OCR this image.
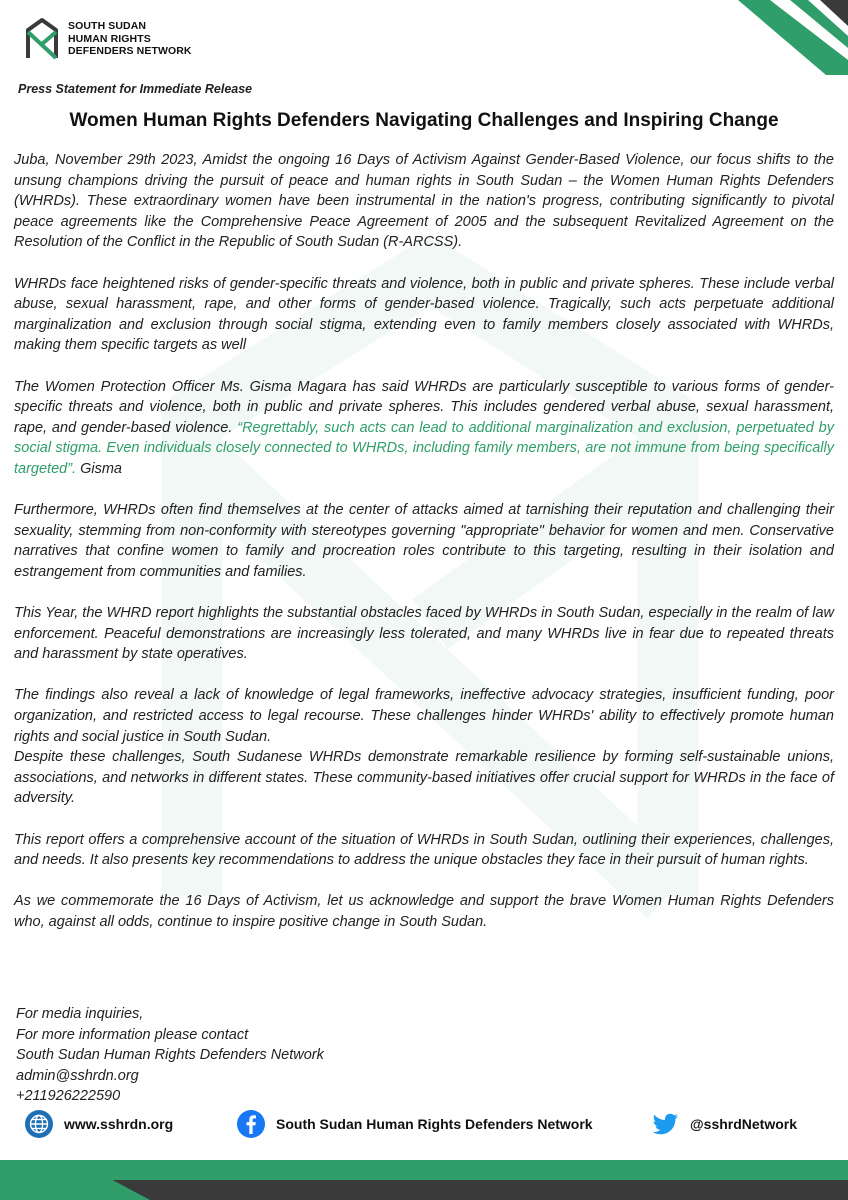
SOUTH SUDAN
HUMAN RIGHTS
DEFENDERS NETWORK
Press Statement for Immediate Release
Women Human Rights Defenders Navigating Challenges and Inspiring Change

Juba, November 29th 2023, Amidst the ongoing 16 Days of Activism Against Gender-Based Violence, our focus shifts to the unsung champions driving the pursuit of peace and human rights in South Sudan – the Women Human Rights Defenders (WHRDs). These extraordinary women have been instrumental in the nation's progress, contributing significantly to pivotal peace agreements like the Comprehensive Peace Agreement of 2005 and the subsequent Revitalized Agreement on the Resolution of the Conflict in the Republic of South Sudan (R-ARCSS).

WHRDs face heightened risks of gender-specific threats and violence, both in public and private spheres. These include verbal abuse, sexual harassment, rape, and other forms of gender-based violence. Tragically, such acts perpetuate additional marginalization and exclusion through social stigma, extending even to family members closely associated with WHRDs, making them specific targets as well

The Women Protection Officer Ms. Gisma Magara has said WHRDs are particularly susceptible to various forms of gender-specific threats and violence, both in public and private spheres. This includes gendered verbal abuse, sexual harassment, rape, and gender-based violence. “Regrettably, such acts can lead to additional marginalization and exclusion, perpetuated by social stigma. Even individuals closely connected to WHRDs, including family members, are not immune from being specifically targeted”. Gisma

Furthermore, WHRDs often find themselves at the center of attacks aimed at tarnishing their reputation and challenging their sexuality, stemming from non-conformity with stereotypes governing "appropriate" behavior for women and men. Conservative narratives that confine women to family and procreation roles contribute to this targeting, resulting in their isolation and estrangement from communities and families.

This Year, the WHRD report highlights the substantial obstacles faced by WHRDs in South Sudan, especially in the realm of law enforcement. Peaceful demonstrations are increasingly less tolerated, and many WHRDs live in fear due to repeated threats and harassment by state operatives.

The findings also reveal a lack of knowledge of legal frameworks, ineffective advocacy strategies, insufficient funding, poor organization, and restricted access to legal recourse. These challenges hinder WHRDs' ability to effectively promote human rights and social justice in South Sudan.

Despite these challenges, South Sudanese WHRDs demonstrate remarkable resilience by forming self-sustainable unions, associations, and networks in different states. These community-based initiatives offer crucial support for WHRDs in the face of adversity.

This report offers a comprehensive account of the situation of WHRDs in South Sudan, outlining their experiences, challenges, and needs. It also presents key recommendations to address the unique obstacles they face in their pursuit of human rights.

As we commemorate the 16 Days of Activism, let us acknowledge and support the brave Women Human Rights Defenders who, against all odds, continue to inspire positive change in South Sudan.

For media inquiries,
For more information please contact
South Sudan Human Rights Defenders Network
admin@sshrdn.org
+211926222590
www.sshrdn.org	South Sudan Human Rights Defenders Network	@sshrdNetwork
